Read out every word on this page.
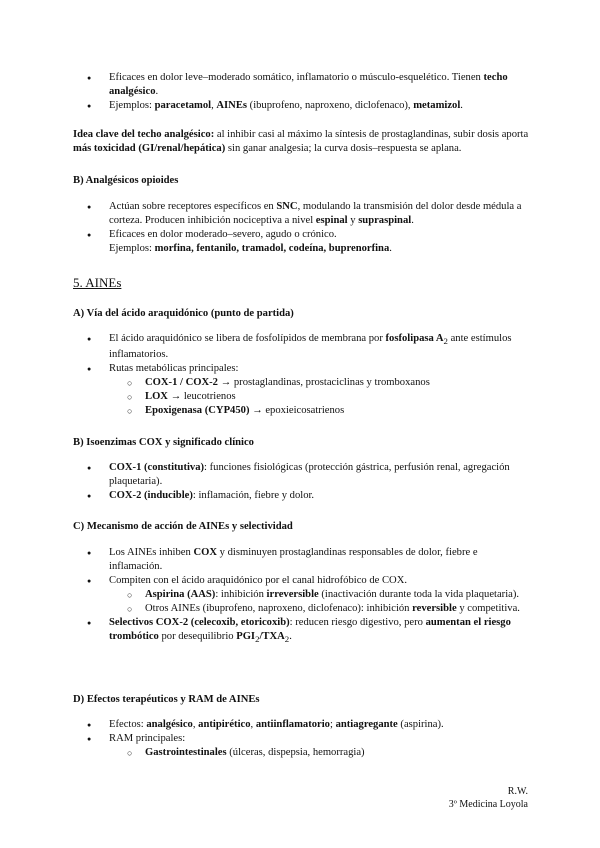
● Eficaces en dolor leve–moderado somático, inflamatorio o músculo-esquelético. Tienen techo analgésico.
● Ejemplos: paracetamol, AINEs (ibuprofeno, naproxeno, diclofenaco), metamizol.
Idea clave del techo analgésico: al inhibir casi al máximo la síntesis de prostaglandinas, subir dosis aporta más toxicidad (GI/renal/hepática) sin ganar analgesia; la curva dosis–respuesta se aplana.
B) Analgésicos opioides
● Actúan sobre receptores específicos en SNC, modulando la transmisión del dolor desde médula a corteza. Producen inhibición nociceptiva a nivel espinal y supraspinal.
● Eficaces en dolor moderado–severo, agudo o crónico.
Ejemplos: morfina, fentanilo, tramadol, codeína, buprenorfina.
5. AINEs
A) Vía del ácido araquidónico (punto de partida)
● El ácido araquidónico se libera de fosfolípidos de membrana por fosfolipasa $A_2$ ante estímulos inflamatorios.
● Rutas metabólicas principales:
○ COX-1 / COX-2 → prostaglandinas, prostaciclinas y tromboxanos
○ LOX → leucotrienos
○ Epoxigenasa (CYP450) → epoxieicosatrienos
B) Isoenzimas COX y significado clínico
● COX-1 (constitutiva): funciones fisiológicas (protección gástrica, perfusión renal, agregación plaquetaria).
● COX-2 (inducible): inflamación, fiebre y dolor.
C) Mecanismo de acción de AINEs y selectividad
● Los AINEs inhiben COX y disminuyen prostaglandinas responsables de dolor, fiebre e inflamación.
● Compiten con el ácido araquidónico por el canal hidrofóbico de COX.
○ Aspirina (AAS): inhibición irreversible (inactivación durante toda la vida plaquetaria).
○ Otros AINEs (ibuprofeno, naproxeno, diclofenaco): inhibición reversible y competitiva.
● Selectivos COX-2 (celecoxib, etoricoxib): reducen riesgo digestivo, pero aumentan el riesgo trombótico por desequilibrio $PGI_2/TXA_2$.
D) Efectos terapéuticos y RAM de AINEs
● Efectos: analgésico, antipirético, antiinflamatorio; antiagregante (aspirina).
● RAM principales:
○ Gastrointestinales (úlceras, dispepsia, hemorragia)
R.W.
3º Medicina Loyola
